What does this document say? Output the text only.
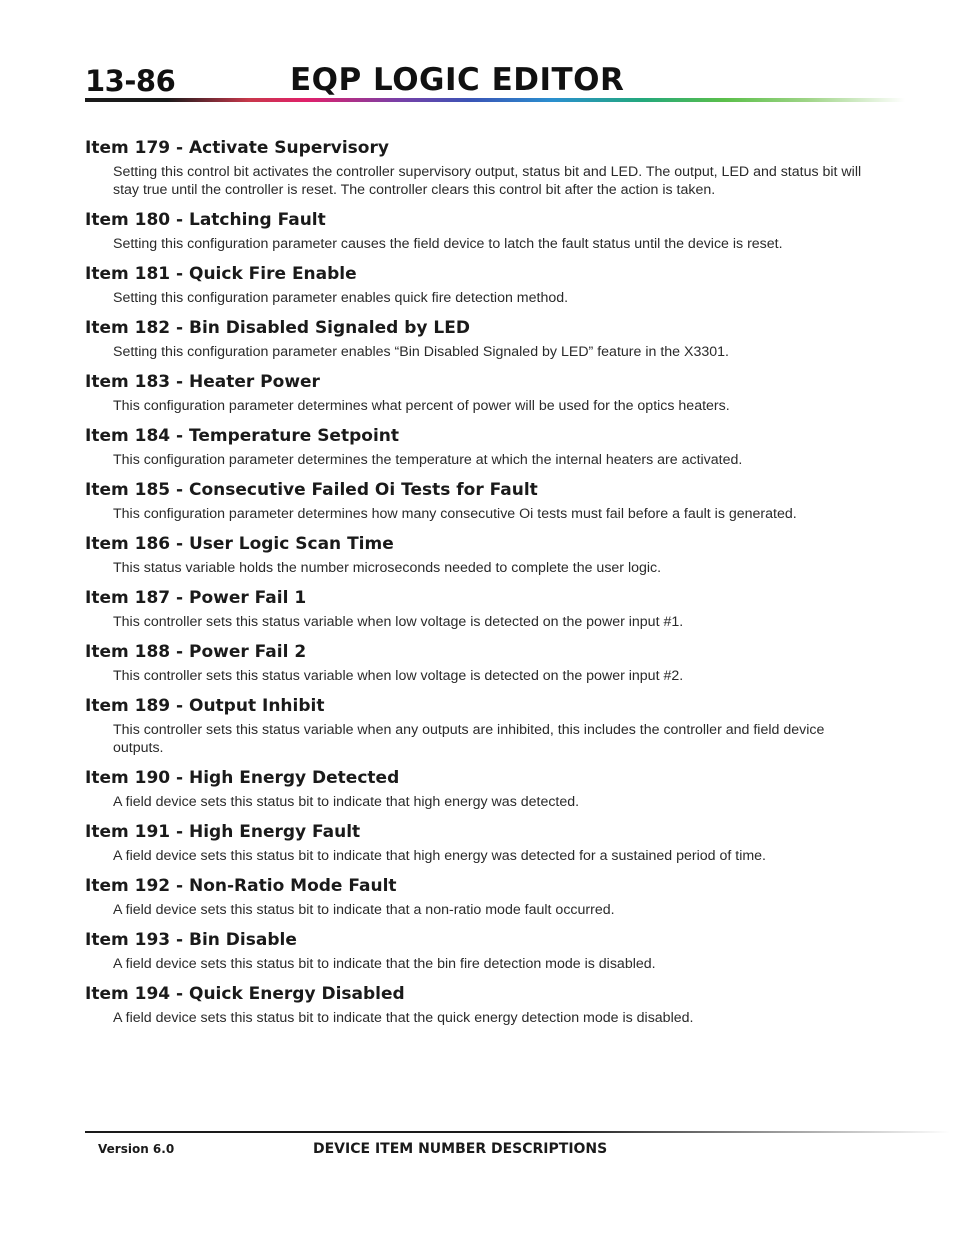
13-86	EQP LOGIC EDITOR
Item 179 - Activate Supervisory

Setting this control bit activates the controller supervisory output, status bit and LED. The output, LED and status bit will stay true until the controller is reset. The controller clears this control bit after the action is taken.

Item 180 - Latching Fault

Setting this configuration parameter causes the field device to latch the fault status until the device is reset.

Item 181 - Quick Fire Enable

Setting this configuration parameter enables quick fire detection method.

Item 182 - Bin Disabled Signaled by LED

Setting this configuration parameter enables “Bin Disabled Signaled by LED” feature in the X3301.

Item 183 - Heater Power

This configuration parameter determines what percent of power will be used for the optics heaters.

Item 184 - Temperature Setpoint

This configuration parameter determines the temperature at which the internal heaters are activated.

Item 185 - Consecutive Failed Oi Tests for Fault

This configuration parameter determines how many consecutive Oi tests must fail before a fault is generated.

Item 186 - User Logic Scan Time

This status variable holds the number microseconds needed to complete the user logic.

Item 187 - Power Fail 1

This controller sets this status variable when low voltage is detected on the power input #1.

Item 188 - Power Fail 2

This controller sets this status variable when low voltage is detected on the power input #2.

Item 189 - Output Inhibit

This controller sets this status variable when any outputs are inhibited, this includes the controller and field device outputs.

Item 190 - High Energy Detected

A field device sets this status bit to indicate that high energy was detected.

Item 191 - High Energy Fault

A field device sets this status bit to indicate that high energy was detected for a sustained period of time.

Item 192 - Non-Ratio Mode Fault

A field device sets this status bit to indicate that a non-ratio mode fault occurred.

Item 193 - Bin Disable

A field device sets this status bit to indicate that the bin fire detection mode is disabled.

Item 194 - Quick Energy Disabled

A field device sets this status bit to indicate that the quick energy detection mode is disabled.

Version 6.0	DEVICE ITEM NUMBER DESCRIPTIONS
